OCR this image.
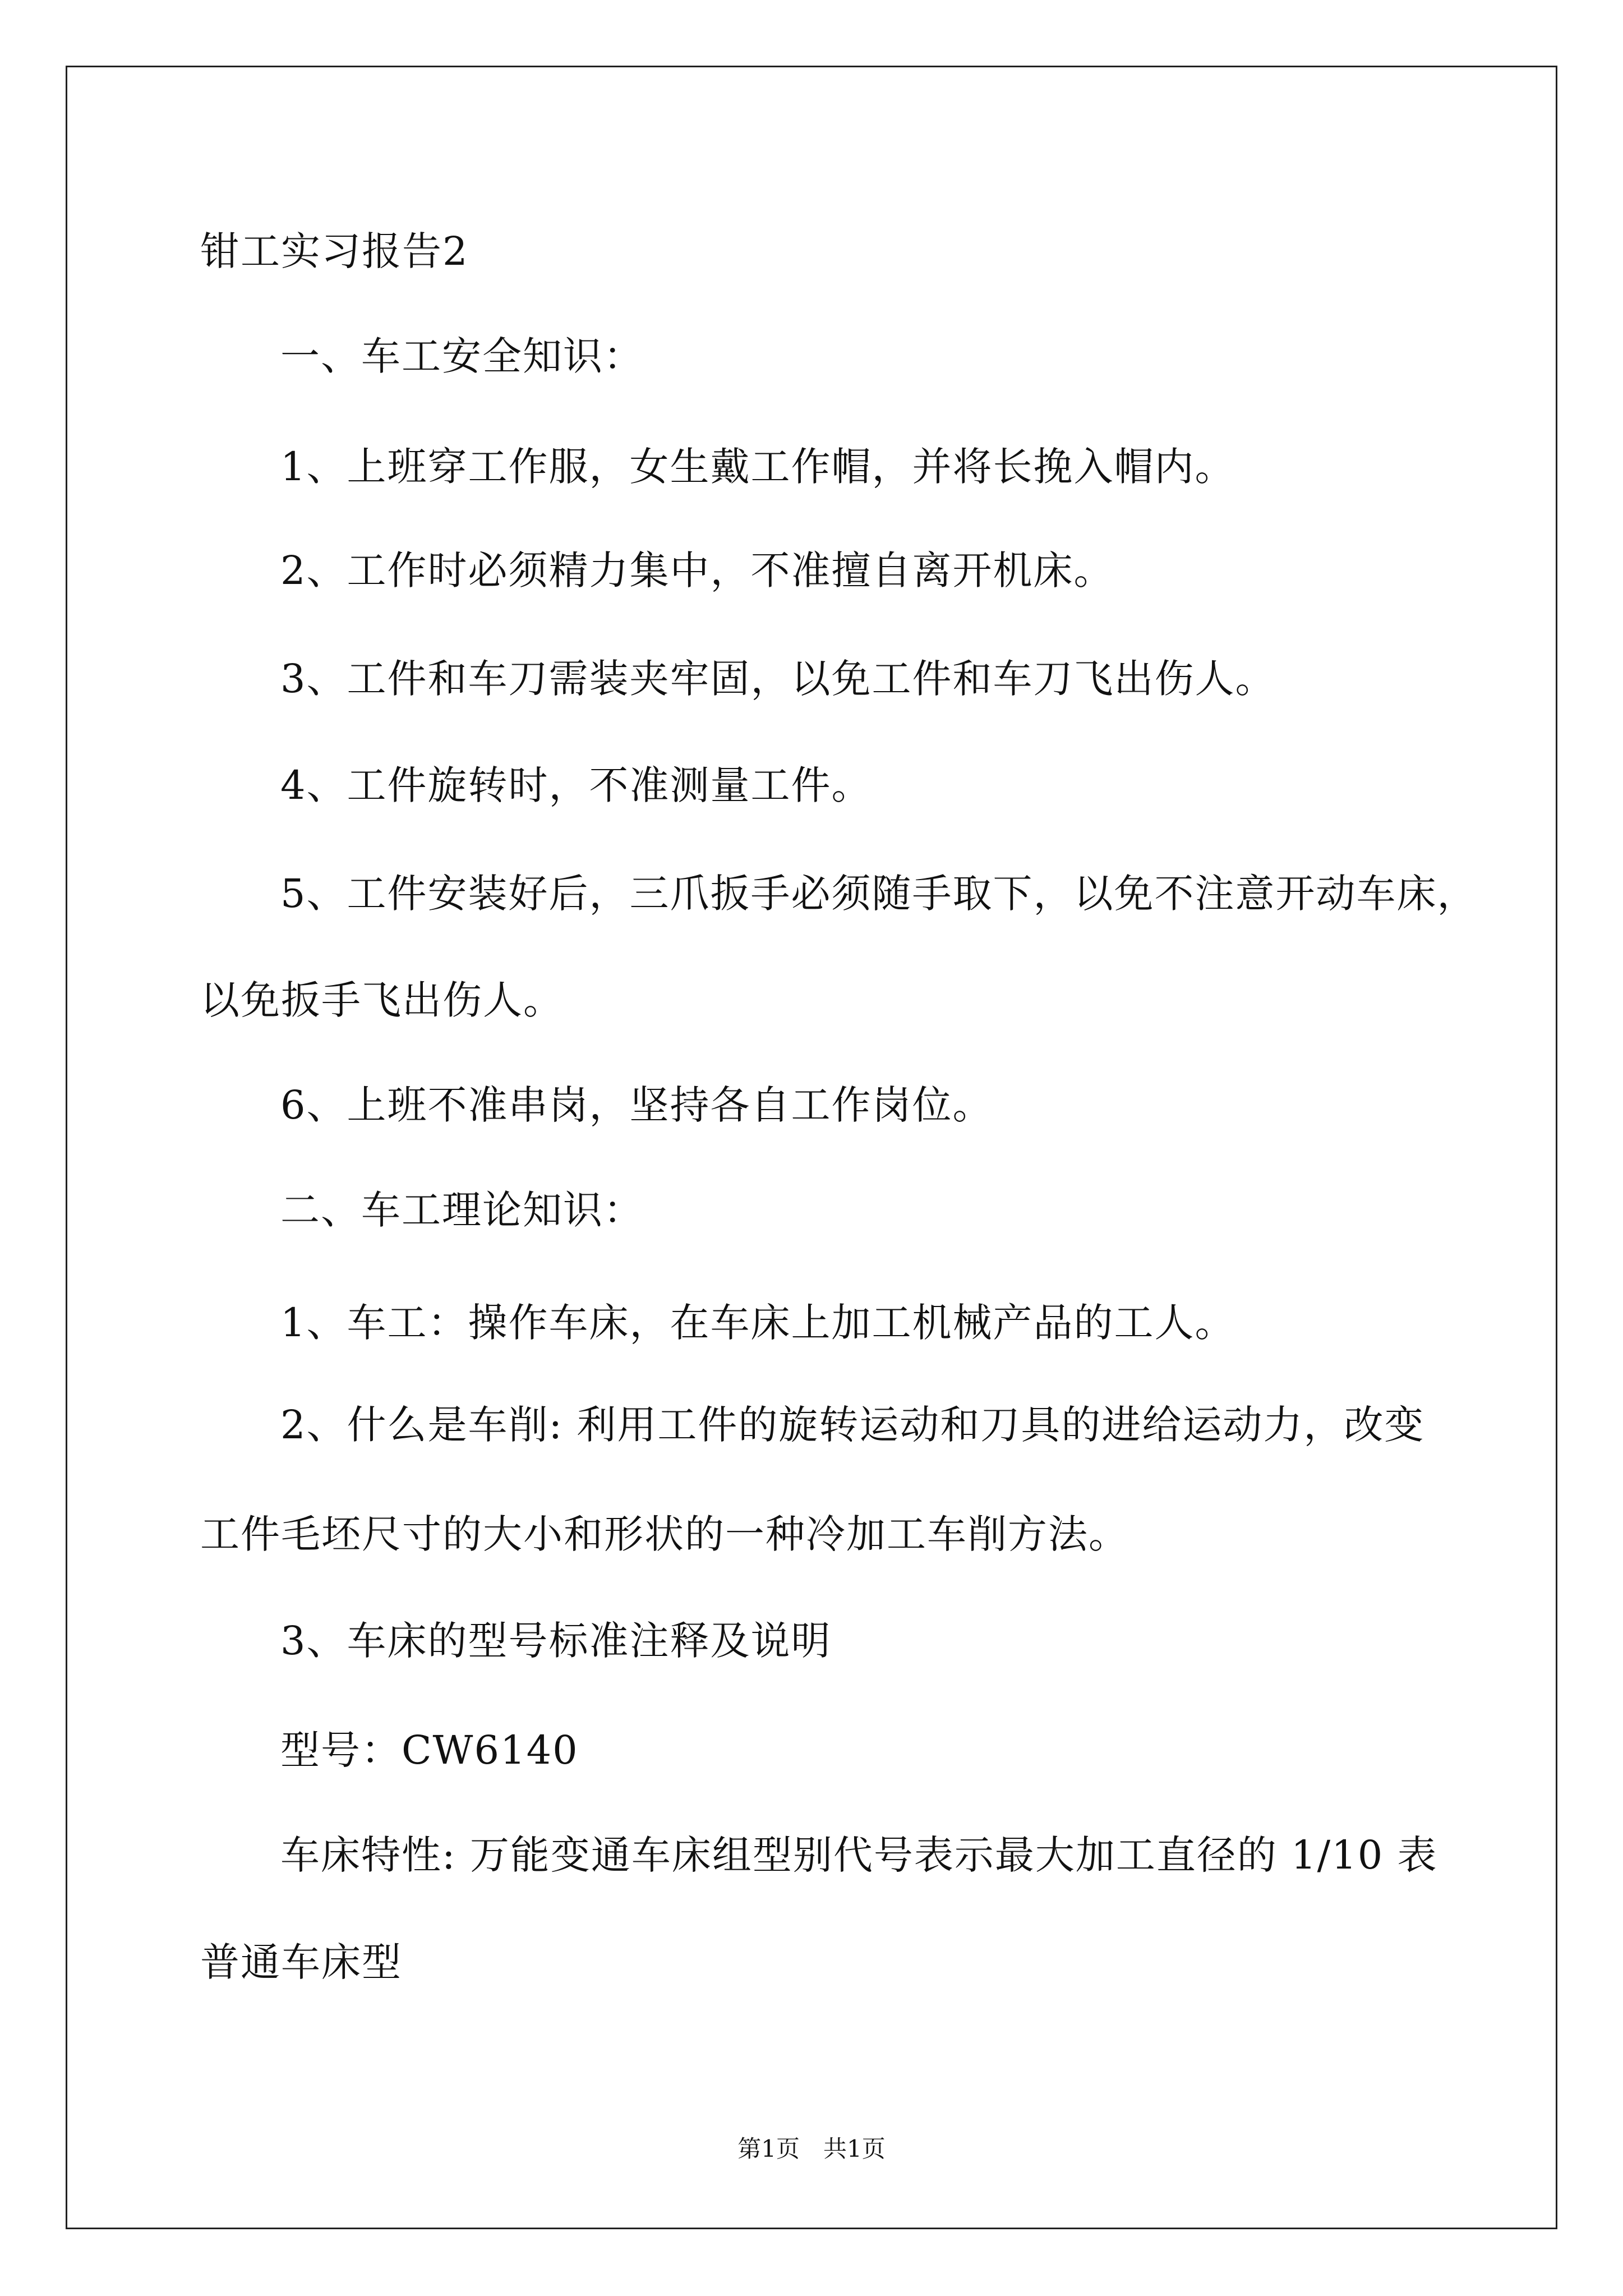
钳工实习报告2
一、车工安全知识：
1、上班穿工作服，女生戴工作帽，并将长挽入帽内。
2、工作时必须精力集中，不准擅自离开机床。
3、工件和车刀需装夹牢固，以免工件和车刀飞出伤人。
4、工件旋转时，不准测量工件。
5、工件安装好后，三爪扳手必须随手取下，以免不注意开动车床，
以免扳手飞出伤人。
6、上班不准串岗，坚持各自工作岗位。
二、车工理论知识：
1、车工：操作车床，在车床上加工机械产品的工人。
2、什么是车削: 利用工件的旋转运动和刀具的进给运动力，改变
工件毛坯尺寸的大小和形状的一种冷加工车削方法。
3、车床的型号标准注释及说明
型号：CW6140
车床特性: 万能变通车床组型别代号表示最大加工直径的 1/10 表
普通车床型
第1页　共1页
